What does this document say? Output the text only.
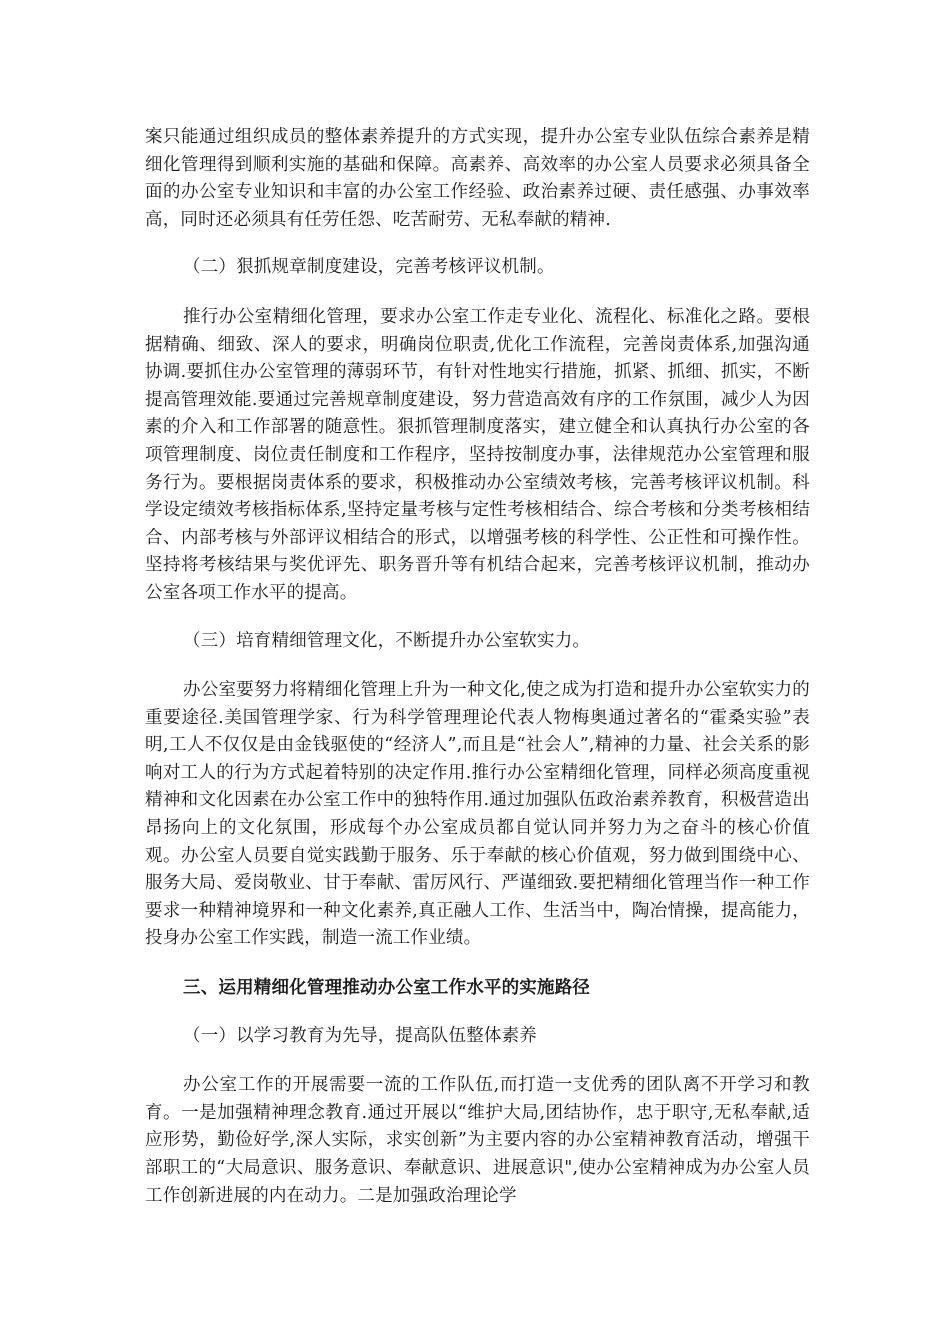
案只能通过组织成员的整体素养提升的方式实现，提升办公室专业队伍综合素养是精细化管理得到顺利实施的基础和保障。高素养、高效率的办公室人员要求必须具备全面的办公室专业知识和丰富的办公室工作经验、政治素养过硬、责任感强、办事效率高，同时还必须具有任劳任怨、吃苦耐劳、无私奉献的精神.

（二）狠抓规章制度建设，完善考核评议机制。

推行办公室精细化管理，要求办公室工作走专业化、流程化、标准化之路。要根据精确、细致、深人的要求，明确岗位职责,优化工作流程，完善岗责体系,加强沟通协调.要抓住办公室管理的薄弱环节，有针对性地实行措施，抓紧、抓细、抓实，不断提高管理效能.要通过完善规章制度建设，努力营造高效有序的工作氛围，减少人为因素的介入和工作部署的随意性。狠抓管理制度落实，建立健全和认真执行办公室的各项管理制度、岗位责任制度和工作程序，坚持按制度办事，法律规范办公室管理和服务行为。要根据岗责体系的要求，积极推动办公室绩效考核，完善考核评议机制。科学设定绩效考核指标体系,坚持定量考核与定性考核相结合、综合考核和分类考核相结合、内部考核与外部评议相结合的形式，以增强考核的科学性、公正性和可操作性。坚持将考核结果与奖优评先、职务晋升等有机结合起来，完善考核评议机制，推动办公室各项工作水平的提高。

（三）培育精细管理文化，不断提升办公室软实力。

办公室要努力将精细化管理上升为一种文化,使之成为打造和提升办公室软实力的重要途径.美国管理学家、行为科学管理理论代表人物梅奥通过著名的“霍桑实验”表明,工人不仅仅是由金钱驱使的“经济人”,而且是“社会人”,精神的力量、社会关系的影响对工人的行为方式起着特别的决定作用.推行办公室精细化管理，同样必须高度重视精神和文化因素在办公室工作中的独特作用.通过加强队伍政治素养教育，积极营造出昂扬向上的文化氛围，形成每个办公室成员都自觉认同并努力为之奋斗的核心价值观。办公室人员要自觉实践勤于服务、乐于奉献的核心价值观，努力做到围绕中心、服务大局、爱岗敬业、甘于奉献、雷厉风行、严谨细致.要把精细化管理当作一种工作要求一种精神境界和一种文化素养,真正融人工作、生活当中，陶冶情操，提高能力，投身办公室工作实践，制造一流工作业绩。

三、运用精细化管理推动办公室工作水平的实施路径

（一）以学习教育为先导，提高队伍整体素养

办公室工作的开展需要一流的工作队伍,而打造一支优秀的团队离不开学习和教育。一是加强精神理念教育.通过开展以“维护大局,团结协作，忠于职守,无私奉献,适应形势，勤俭好学,深人实际，求实创新”为主要内容的办公室精神教育活动，增强干部职工的“大局意识、服务意识、奉献意识、进展意识",使办公室精神成为办公室人员工作创新进展的内在动力。二是加强政治理论学
